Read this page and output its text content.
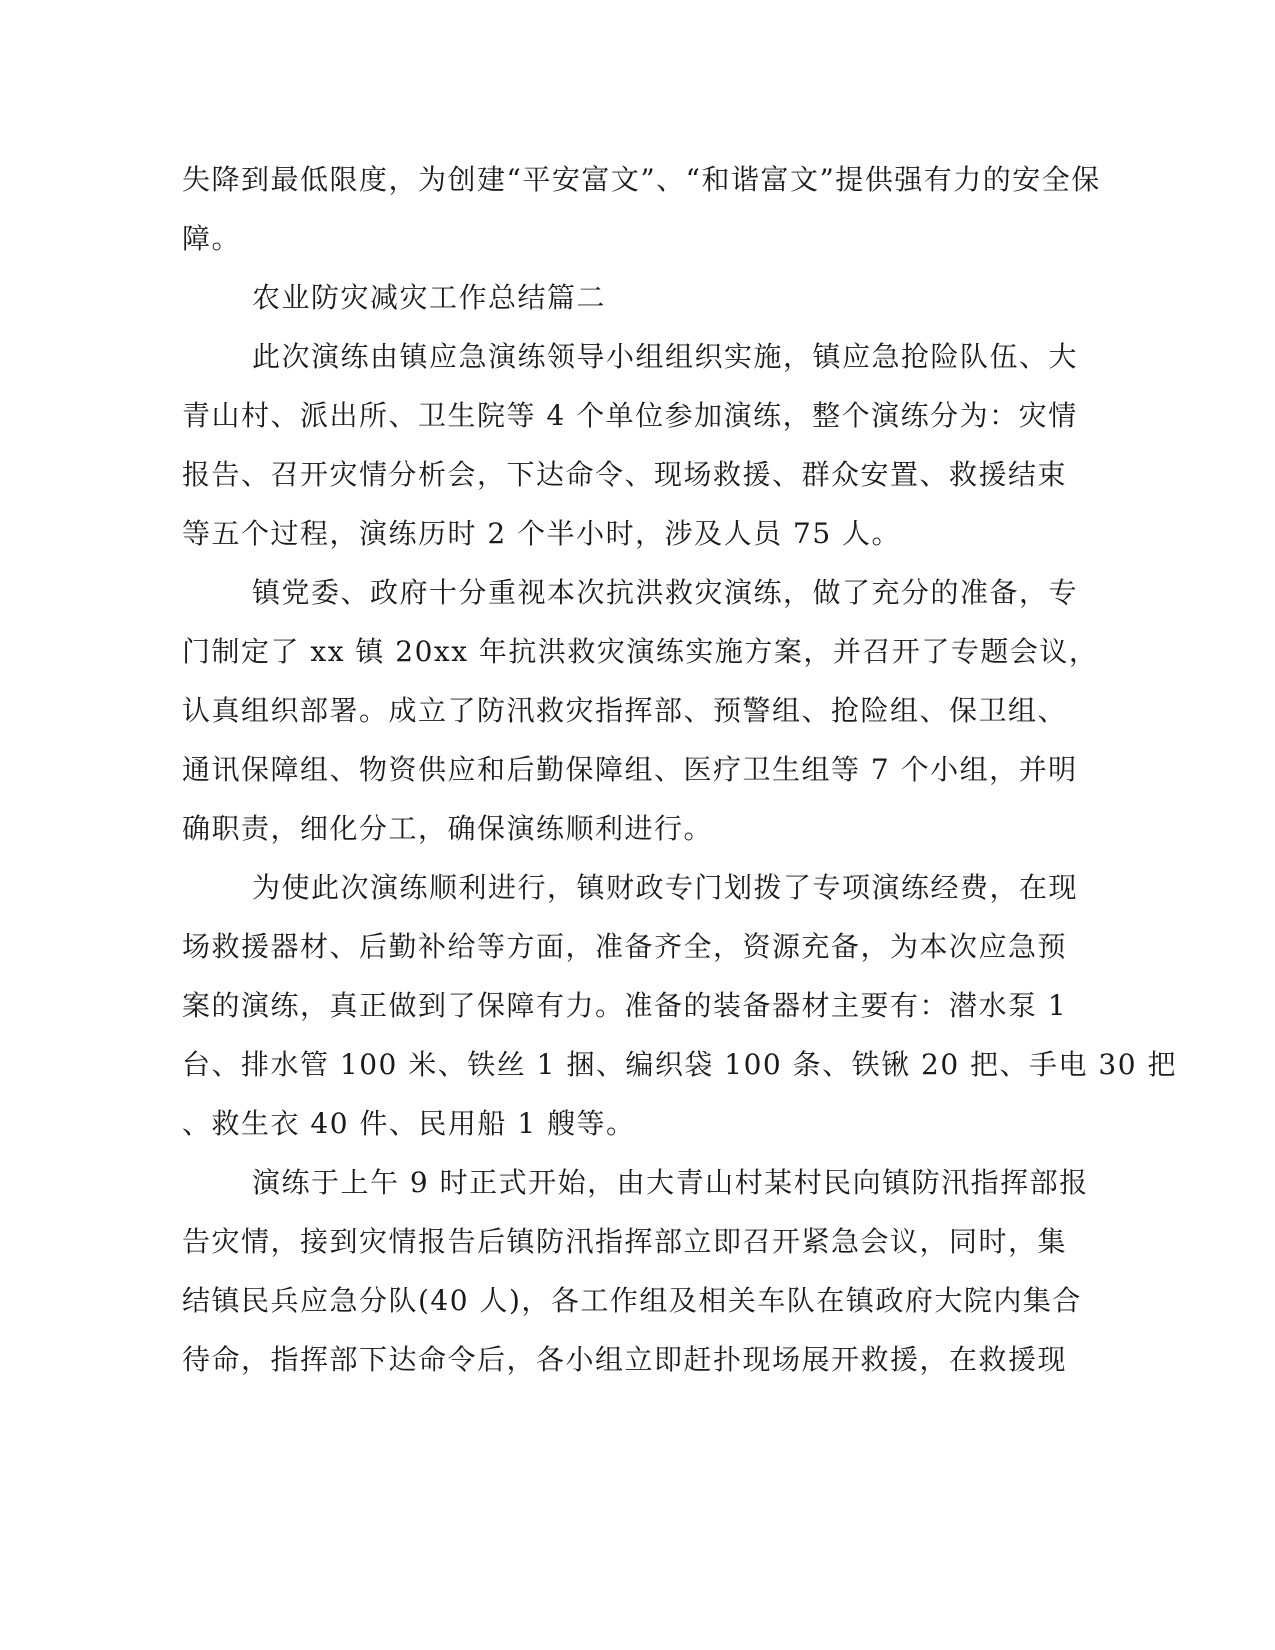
失降到最低限度，为创建“平安富文”、“和谐富文”提供强有力的安全保
障。
农业防灾减灾工作总结篇二
此次演练由镇应急演练领导小组组织实施，镇应急抢险队伍、大
青山村、派出所、卫生院等 4 个单位参加演练，整个演练分为：灾情
报告、召开灾情分析会，下达命令、现场救援、群众安置、救援结束
等五个过程，演练历时 2 个半小时，涉及人员 75 人。
镇党委、政府十分重视本次抗洪救灾演练，做了充分的准备，专
门制定了 xx 镇 20xx 年抗洪救灾演练实施方案，并召开了专题会议，
认真组织部署。成立了防汛救灾指挥部、预警组、抢险组、保卫组、
通讯保障组、物资供应和后勤保障组、医疗卫生组等 7 个小组，并明
确职责，细化分工，确保演练顺利进行。
为使此次演练顺利进行，镇财政专门划拨了专项演练经费，在现
场救援器材、后勤补给等方面，准备齐全，资源充备，为本次应急预
案的演练，真正做到了保障有力。准备的装备器材主要有：潜水泵 1
台、排水管 100 米、铁丝 1 捆、编织袋 100 条、铁锹 20 把、手电 30 把
、救生衣 40 件、民用船 1 艘等。
演练于上午 9 时正式开始，由大青山村某村民向镇防汛指挥部报
告灾情，接到灾情报告后镇防汛指挥部立即召开紧急会议，同时，集
结镇民兵应急分队(40 人)，各工作组及相关车队在镇政府大院内集合
待命，指挥部下达命令后，各小组立即赶扑现场展开救援，在救援现
